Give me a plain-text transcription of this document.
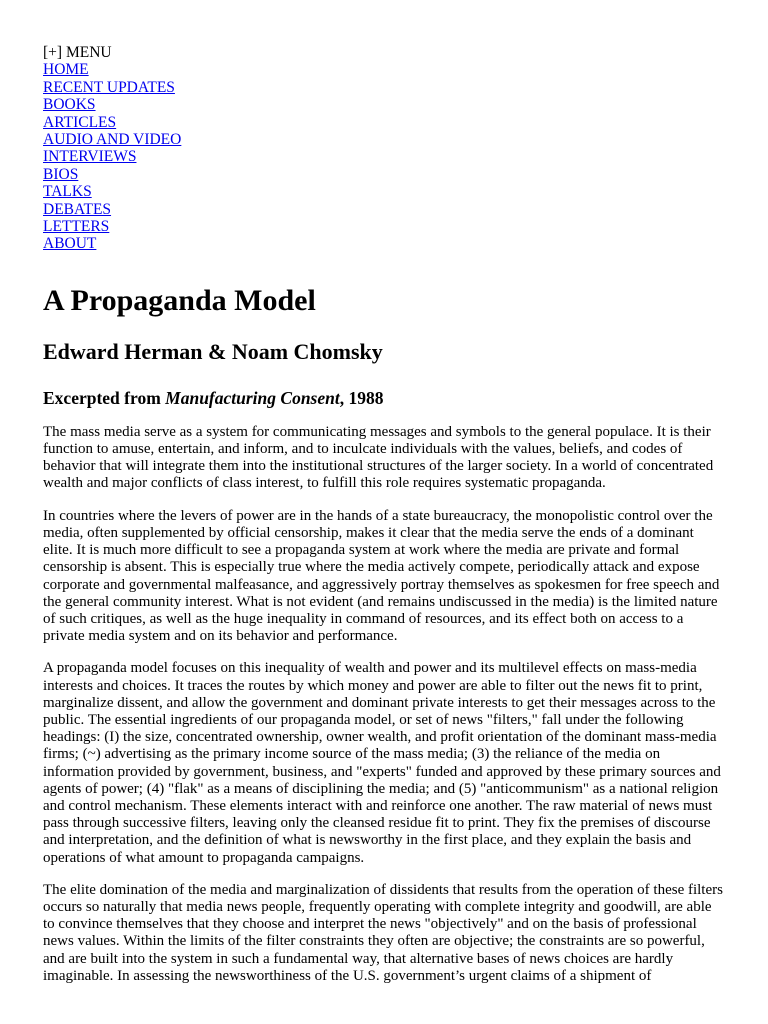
[+] MENU
HOME
RECENT UPDATES
BOOKS
ARTICLES
AUDIO AND VIDEO
INTERVIEWS
BIOS
TALKS
DEBATES
LETTERS
ABOUT
A Propaganda Model
Edward Herman & Noam Chomsky
Excerpted from Manufacturing Consent, 1988

The mass media serve as a system for communicating messages and symbols to the general populace. It is their function to amuse, entertain, and inform, and to inculcate individuals with the values, beliefs, and codes of behavior that will integrate them into the institutional structures of the larger society. In a world of concentrated wealth and major conflicts of class interest, to fulfill this role requires systematic propaganda.

In countries where the levers of power are in the hands of a state bureaucracy, the monopolistic control over the media, often supplemented by official censorship, makes it clear that the media serve the ends of a dominant elite. It is much more difficult to see a propaganda system at work where the media are private and formal censorship is absent. This is especially true where the media actively compete, periodically attack and expose corporate and governmental malfeasance, and aggressively portray themselves as spokesmen for free speech and the general community interest. What is not evident (and remains undiscussed in the media) is the limited nature of such critiques, as well as the huge inequality in command of resources, and its effect both on access to a private media system and on its behavior and performance.

A propaganda model focuses on this inequality of wealth and power and its multilevel effects on mass-media interests and choices. It traces the routes by which money and power are able to filter out the news fit to print, marginalize dissent, and allow the government and dominant private interests to get their messages across to the public. The essential ingredients of our propaganda model, or set of news "filters," fall under the following headings: (I) the size, concentrated ownership, owner wealth, and profit orientation of the dominant mass-media firms; (~) advertising as the primary income source of the mass media; (3) the reliance of the media on information provided by government, business, and "experts" funded and approved by these primary sources and agents of power; (4) "flak" as a means of disciplining the media; and (5) "anticommunism" as a national religion and control mechanism. These elements interact with and reinforce one another. The raw material of news must pass through successive filters, leaving only the cleansed residue fit to print. They fix the premises of discourse and interpretation, and the definition of what is newsworthy in the first place, and they explain the basis and operations of what amount to propaganda campaigns.

The elite domination of the media and marginalization of dissidents that results from the operation of these filters occurs so naturally that media news people, frequently operating with complete integrity and goodwill, are able to convince themselves that they choose and interpret the news "objectively" and on the basis of professional news values. Within the limits of the filter constraints they often are objective; the constraints are so powerful, and are built into the system in such a fundamental way, that alternative bases of news choices are hardly imaginable. In assessing the newsworthiness of the U.S. government’s urgent claims of a shipment of
